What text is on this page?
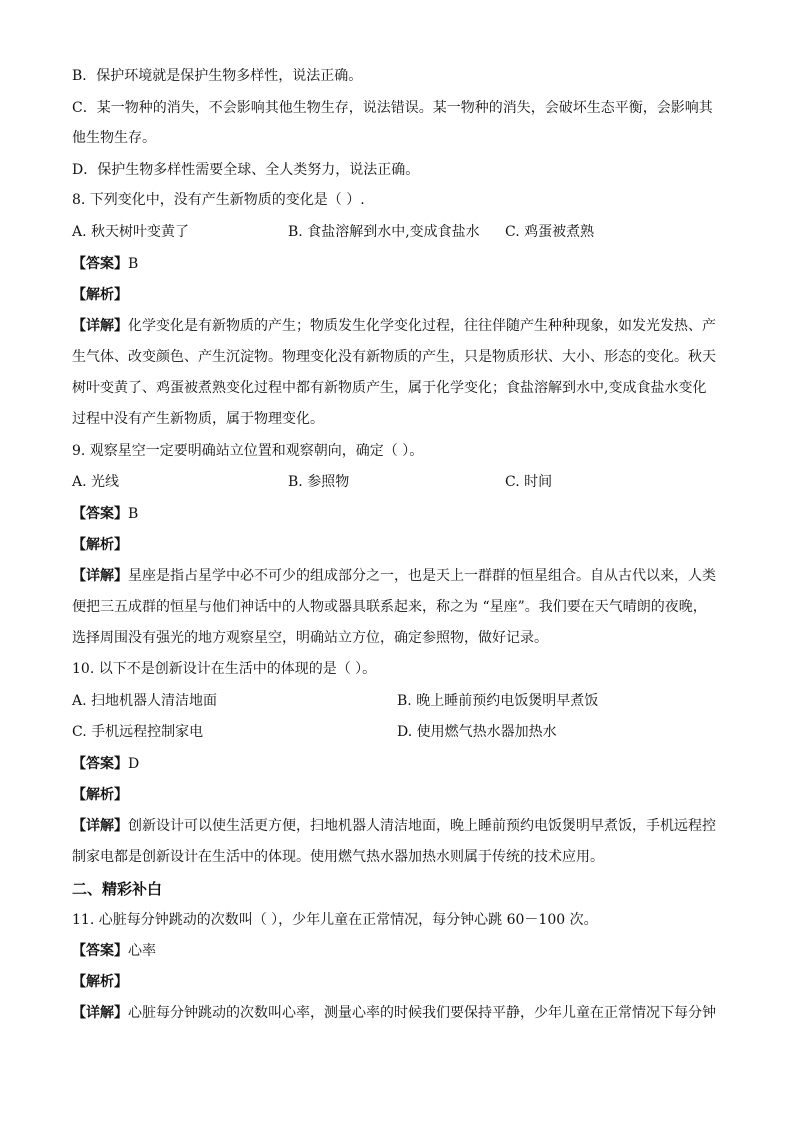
B．保护环境就是保护生物多样性，说法正确。
C．某一物种的消失，不会影响其他生物生存，说法错误。某一物种的消失，会破坏生态平衡，会影响其
他生物生存。
D．保护生物多样性需要全球、全人类努力，说法正确。
8. 下列变化中，没有产生新物质的变化是（ ）.
A. 秋天树叶变黄了	B. 食盐溶解到水中,变成食盐水 C. 鸡蛋被煮熟
【答案】B
【解析】
【详解】化学变化是有新物质的产生；物质发生化学变化过程，往往伴随产生种种现象，如发光发热、产
生气体、改变颜色、产生沉淀物。物理变化没有新物质的产生，只是物质形状、大小、形态的变化。秋天
树叶变黄了、鸡蛋被煮熟变化过程中都有新物质产生，属于化学变化；食盐溶解到水中,变成食盐水变化
过程中没有产生新物质，属于物理变化。
9. 观察星空一定要明确站立位置和观察朝向，确定（ ）。
A. 光线	B. 参照物	C. 时间
【答案】B
【解析】
【详解】星座是指占星学中必不可少的组成部分之一，也是天上一群群的恒星组合。自从古代以来，人类
便把三五成群的恒星与他们神话中的人物或器具联系起来，称之为 “星座”。我们要在天气晴朗的夜晚，
选择周围没有强光的地方观察星空，明确站立方位，确定参照物，做好记录。
10. 以下不是创新设计在生活中的体现的是（ ）。
A. 扫地机器人清洁地面	B. 晚上睡前预约电饭煲明早煮饭
C. 手机远程控制家电	D. 使用燃气热水器加热水
【答案】D
【解析】
【详解】创新设计可以使生活更方便，扫地机器人清洁地面，晚上睡前预约电饭煲明早煮饭，手机远程控
制家电都是创新设计在生活中的体现。使用燃气热水器加热水则属于传统的技术应用。
二、精彩补白
11. 心脏每分钟跳动的次数叫（ ），少年儿童在正常情况，每分钟心跳 60－100 次。
【答案】心率
【解析】
【详解】心脏每分钟跳动的次数叫心率，测量心率的时候我们要保持平静，少年儿童在正常情况下每分钟
